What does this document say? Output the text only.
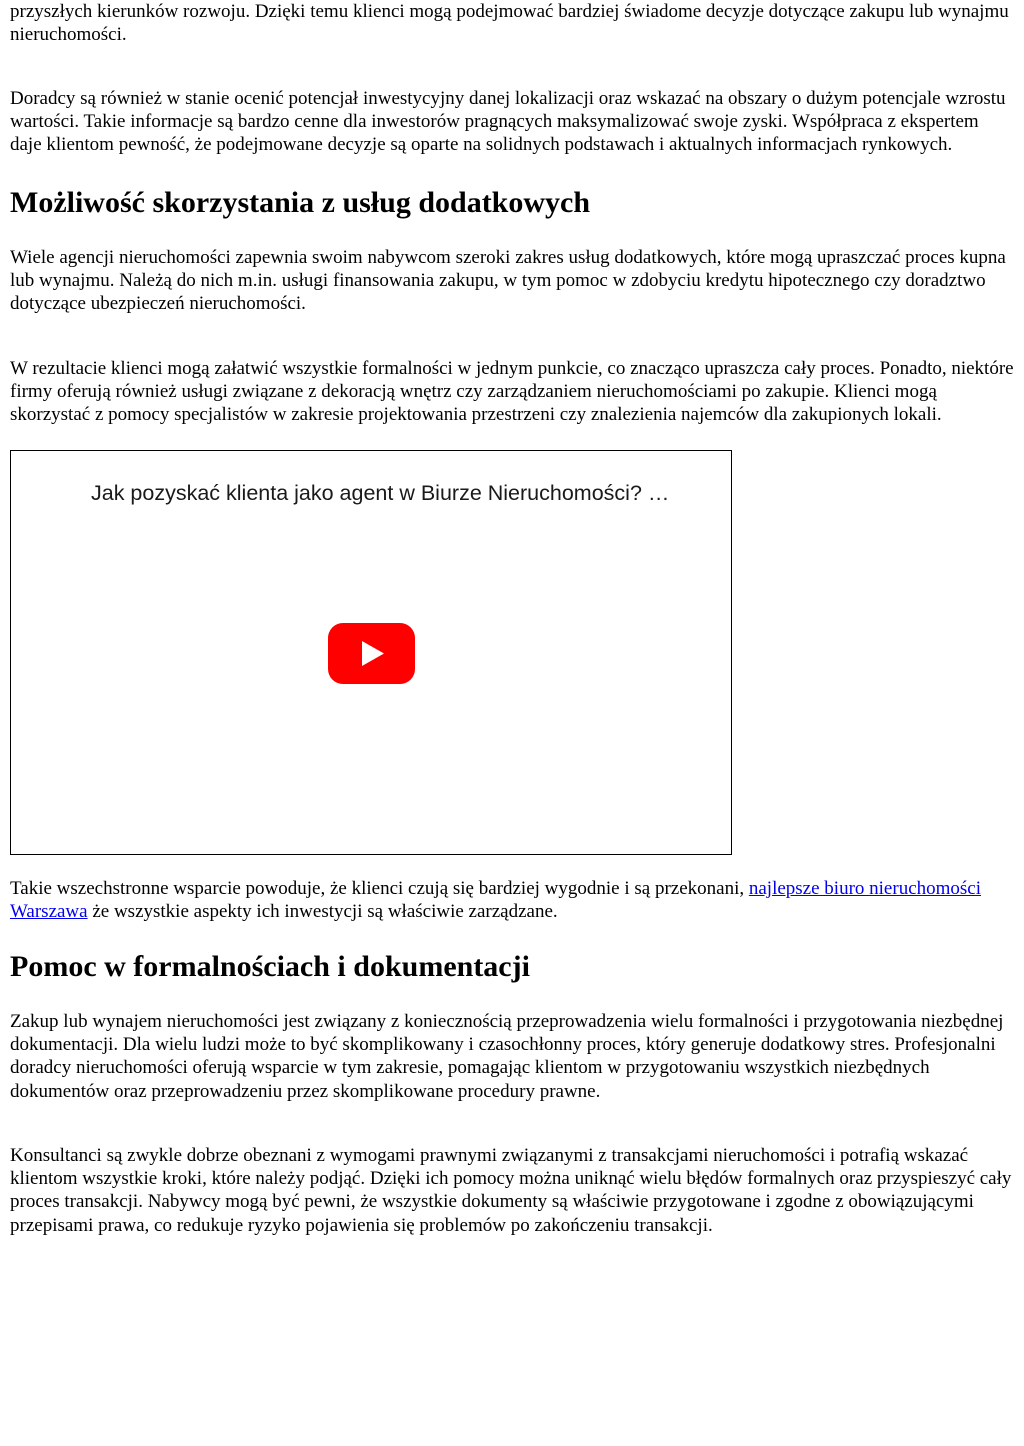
przyszłych kierunków rozwoju. Dzięki temu klienci mogą podejmować bardziej świadome decyzje dotyczące zakupu lub wynajmu nieruchomości.

Doradcy są również w stanie ocenić potencjał inwestycyjny danej lokalizacji oraz wskazać na obszary o dużym potencjale wzrostu wartości. Takie informacje są bardzo cenne dla inwestorów pragnących maksymalizować swoje zyski. Współpraca z ekspertem daje klientom pewność, że podejmowane decyzje są oparte na solidnych podstawach i aktualnych informacjach rynkowych.

Możliwość skorzystania z usług dodatkowych

Wiele agencji nieruchomości zapewnia swoim nabywcom szeroki zakres usług dodatkowych, które mogą upraszczać proces kupna lub wynajmu. Należą do nich m.in. usługi finansowania zakupu, w tym pomoc w zdobyciu kredytu hipotecznego czy doradztwo dotyczące ubezpieczeń nieruchomości.

W rezultacie klienci mogą załatwić wszystkie formalności w jednym punkcie, co znacząco upraszcza cały proces. Ponadto, niektóre firmy oferują również usługi związane z dekoracją wnętrz czy zarządzaniem nieruchomościami po zakupie. Klienci mogą skorzystać z pomocy specjalistów w zakresie projektowania przestrzeni czy znalezienia najemców dla zakupionych lokali.

Jak pozyskać klienta jako agent w Biurze Nieruchomości? …

Takie wszechstronne wsparcie powoduje, że klienci czują się bardziej wygodnie i są przekonani, najlepsze biuro nieruchomości Warszawa że wszystkie aspekty ich inwestycji są właściwie zarządzane.

Pomoc w formalnościach i dokumentacji

Zakup lub wynajem nieruchomości jest związany z koniecznością przeprowadzenia wielu formalności i przygotowania niezbędnej dokumentacji. Dla wielu ludzi może to być skomplikowany i czasochłonny proces, który generuje dodatkowy stres. Profesjonalni doradcy nieruchomości oferują wsparcie w tym zakresie, pomagając klientom w przygotowaniu wszystkich niezbędnych dokumentów oraz przeprowadzeniu przez skomplikowane procedury prawne.

Konsultanci są zwykle dobrze obeznani z wymogami prawnymi związanymi z transakcjami nieruchomości i potrafią wskazać klientom wszystkie kroki, które należy podjąć. Dzięki ich pomocy można uniknąć wielu błędów formalnych oraz przyspieszyć cały proces transakcji. Nabywcy mogą być pewni, że wszystkie dokumenty są właściwie przygotowane i zgodne z obowiązującymi przepisami prawa, co redukuje ryzyko pojawienia się problemów po zakończeniu transakcji.
